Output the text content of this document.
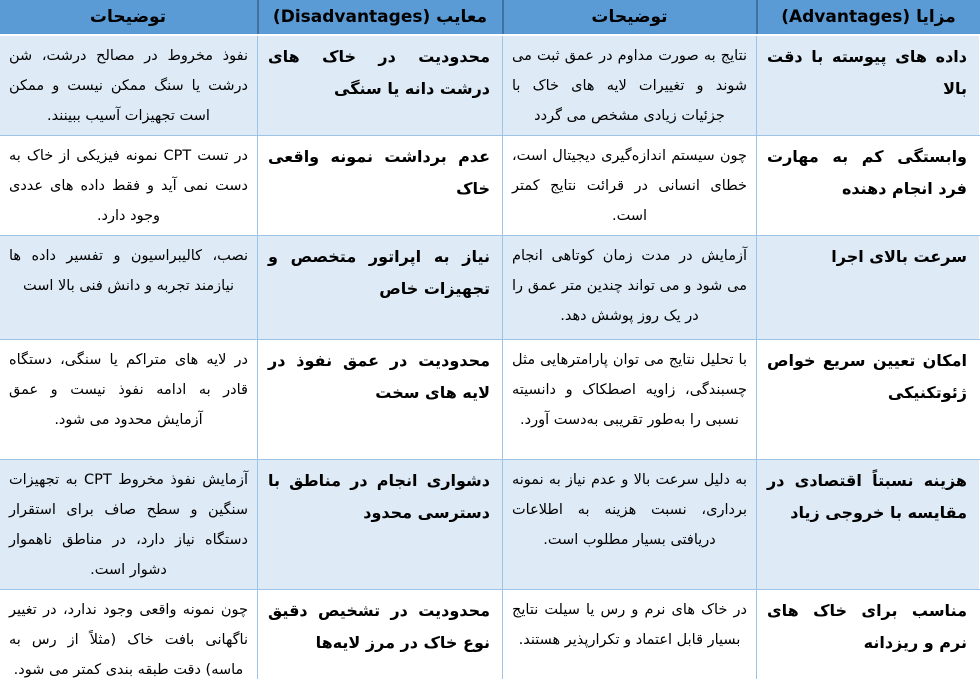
مزایا (Advantages)	توضیحات	معایب (Disadvantages)	توضیحات
داده های پیوسته با دقت بالا	نتایج به صورت مداوم در عمق ثبت می شوند و تغییرات لایه های خاک با جزئیات زیادی مشخص می گردد	محدودیت در خاک های درشت دانه یا سنگی	نفوذ مخروط در مصالح درشت، شن درشت یا سنگ ممکن نیست و ممکن است تجهیزات آسیب ببینند.
وابستگی کم به مهارت فرد انجام دهنده	چون سیستم اندازه‌گیری دیجیتال است، خطای انسانی در قرائت نتایج کمتر است.	عدم برداشت نمونه واقعی خاک	در تست CPT نمونه فیزیکی از خاک به دست نمی آید و فقط داده های عددی وجود دارد.
سرعت بالای اجرا	آزمایش در مدت زمان کوتاهی انجام می شود و می تواند چندین متر عمق را در یک روز پوشش دهد.	نیاز به اپراتور متخصص و تجهیزات خاص	نصب، کالیبراسیون و تفسیر داده ها نیازمند تجربه و دانش فنی بالا است
امکان تعیین سریع خواص ژئوتکنیکی	با تحلیل نتایج می توان پارامترهایی مثل چسبندگی، زاویه اصطکاک و دانسیته نسبی را به‌طور تقریبی به‌دست آورد.	محدودیت در عمق نفوذ در لایه های سخت	در لایه های متراکم یا سنگی، دستگاه قادر به ادامه نفوذ نیست و عمق آزمایش محدود می شود.
هزینه نسبتاً اقتصادی در مقایسه با خروجی زیاد	به دلیل سرعت بالا و عدم نیاز به نمونه برداری، نسبت هزینه به اطلاعات دریافتی بسیار مطلوب است.	دشواری انجام در مناطق با دسترسی محدود	آزمایش نفوذ مخروط CPT به تجهیزات سنگین و سطح صاف برای استقرار دستگاه نیاز دارد، در مناطق ناهموار دشوار است.
مناسب برای خاک های نرم و ریزدانه	در خاک های نرم و رس یا سیلت نتایج بسیار قابل اعتماد و تکرارپذیر هستند.	محدودیت در تشخیص دقیق نوع خاک در مرز لایه‌ها	چون نمونه واقعی وجود ندارد، در تغییر ناگهانی بافت خاک (مثلاً از رس به ماسه) دقت طبقه بندی کمتر می شود.
